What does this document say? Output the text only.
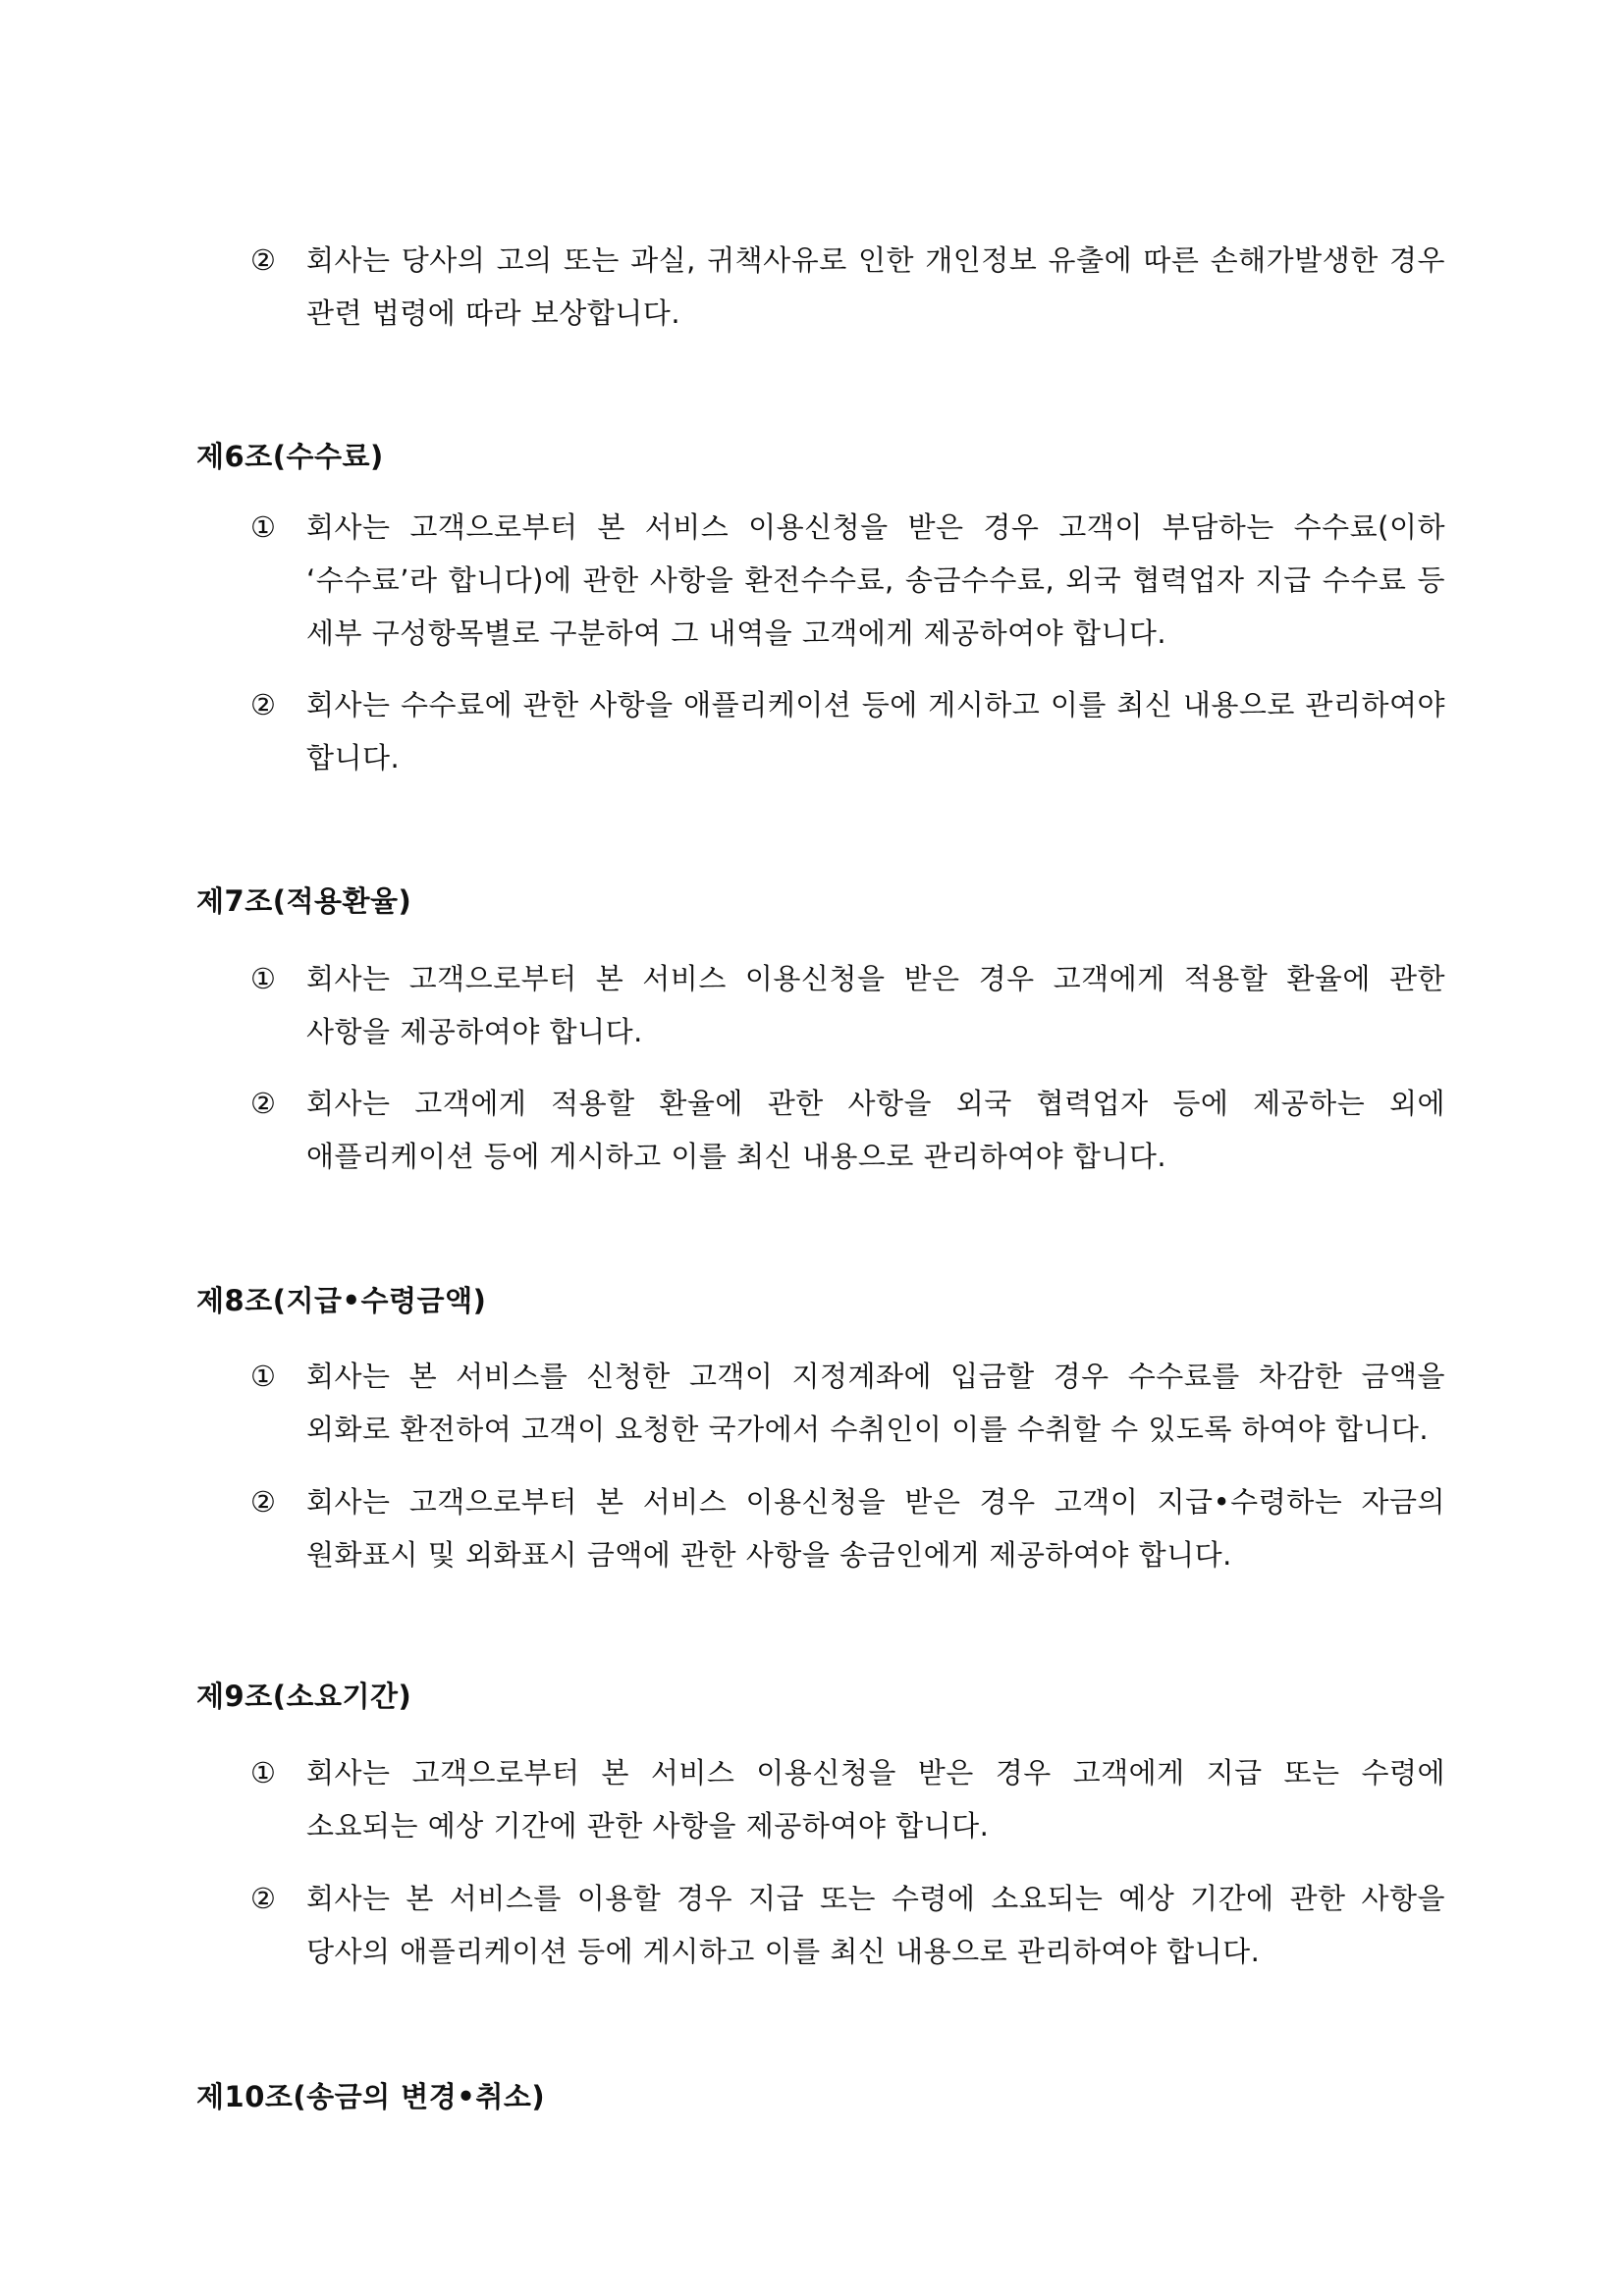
②	회사는 당사의 고의 또는 과실, 귀책사유로 인한 개인정보 유출에 따른 손해가발생한 경우 관련 법령에 따라 보상합니다.
제6조(수수료)
①	회사는 고객으로부터 본 서비스 이용신청을 받은 경우 고객이 부담하는 수수료(이하 ‘수수료’라 합니다)에 관한 사항을 환전수수료, 송금수수료, 외국 협력업자 지급 수수료 등 세부 구성항목별로 구분하여 그 내역을 고객에게 제공하여야 합니다.
②	회사는 수수료에 관한 사항을 애플리케이션 등에 게시하고 이를 최신 내용으로 관리하여야 합니다.
제7조(적용환율)
①	회사는 고객으로부터 본 서비스 이용신청을 받은 경우 고객에게 적용할 환율에 관한 사항을 제공하여야 합니다.
②	회사는 고객에게 적용할 환율에 관한 사항을 외국 협력업자 등에 제공하는 외에 애플리케이션 등에 게시하고 이를 최신 내용으로 관리하여야 합니다.
제8조(지급•수령금액)
①	회사는 본 서비스를 신청한 고객이 지정계좌에 입금할 경우 수수료를 차감한 금액을 외화로 환전하여 고객이 요청한 국가에서 수취인이 이를 수취할 수 있도록 하여야 합니다.
②	회사는 고객으로부터 본 서비스 이용신청을 받은 경우 고객이 지급•수령하는 자금의 원화표시 및 외화표시 금액에 관한 사항을 송금인에게 제공하여야 합니다.
제9조(소요기간)
①	회사는 고객으로부터 본 서비스 이용신청을 받은 경우 고객에게 지급 또는 수령에 소요되는 예상 기간에 관한 사항을 제공하여야 합니다.
②	회사는 본 서비스를 이용할 경우 지급 또는 수령에 소요되는 예상 기간에 관한 사항을 당사의 애플리케이션 등에 게시하고 이를 최신 내용으로 관리하여야 합니다.
제10조(송금의 변경•취소)
